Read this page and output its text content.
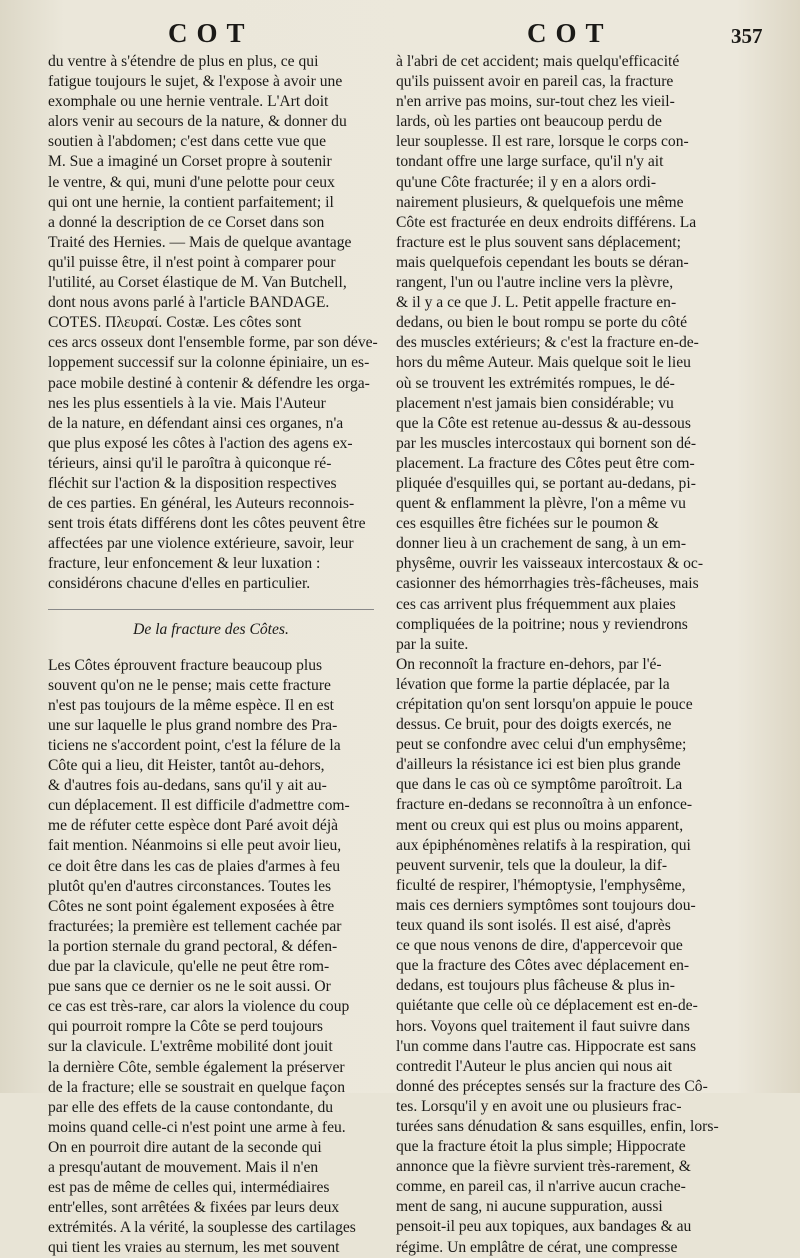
COT	COT	357

du ventre à s'étendre de plus en plus, ce qui

fatigue toujours le sujet, & l'expose à avoir une

exomphale ou une hernie ventrale. L'Art doit

alors venir au secours de la nature, & donner du

soutien à l'abdomen; c'est dans cette vue que

M. Sue a imaginé un Corset propre à soutenir

le ventre, & qui, muni d'une pelotte pour ceux

qui ont une hernie, la contient parfaitement; il

a donné la description de ce Corset dans son

Traité des Hernies. — Mais de quelque avantage

qu'il puisse être, il n'est point à comparer pour

l'utilité, au Corset élastique de M. Van Butchell,

dont nous avons parlé à l'article BANDAGE.

COTES. Πλευραί. Costæ. Les côtes sont

ces arcs osseux dont l'ensemble forme, par son déve-

loppement successif sur la colonne épiniaire, un es-

pace mobile destiné à contenir & défendre les orga-

nes les plus essentiels à la vie. Mais l'Auteur

de la nature, en défendant ainsi ces organes, n'a

que plus exposé les côtes à l'action des agens ex-

térieurs, ainsi qu'il le paroîtra à quiconque ré-

fléchit sur l'action & la disposition respectives

de ces parties. En général, les Auteurs reconnois-

sent trois états différens dont les côtes peuvent être

affectées par une violence extérieure, savoir, leur

fracture, leur enfoncement & leur luxation :

considérons chacune d'elles en particulier.

De la fracture des Côtes.

Les Côtes éprouvent fracture beaucoup plus

souvent qu'on ne le pense; mais cette fracture

n'est pas toujours de la même espèce. Il en est

une sur laquelle le plus grand nombre des Pra-

ticiens ne s'accordent point, c'est la félure de la

Côte qui a lieu, dit Heister, tantôt au-dehors,

& d'autres fois au-dedans, sans qu'il y ait au-

cun déplacement. Il est difficile d'admettre com-

me de réfuter cette espèce dont Paré avoit déjà

fait mention. Néanmoins si elle peut avoir lieu,

ce doit être dans les cas de plaies d'armes à feu

plutôt qu'en d'autres circonstances. Toutes les

Côtes ne sont point également exposées à être

fracturées; la première est tellement cachée par

la portion sternale du grand pectoral, & défen-

due par la clavicule, qu'elle ne peut être rom-

pue sans que ce dernier os ne le soit aussi. Or

ce cas est très-rare, car alors la violence du coup

qui pourroit rompre la Côte se perd toujours

sur la clavicule. L'extrême mobilité dont jouit

la dernière Côte, semble également la préserver

de la fracture; elle se soustrait en quelque façon

par elle des effets de la cause contondante, du

moins quand celle-ci n'est point une arme à feu.

On en pourroit dire autant de la seconde qui

a presqu'autant de mouvement. Mais il n'en

est pas de même de celles qui, intermédiaires

entr'elles, sont arrêtées & fixées par leurs deux

extrémités. A la vérité, la souplesse des cartilages

qui tient les vraies au sternum, les met souvent

à l'abri de cet accident; mais quelqu'efficacité

qu'ils puissent avoir en pareil cas, la fracture

n'en arrive pas moins, sur-tout chez les vieil-

lards, où les parties ont beaucoup perdu de

leur souplesse. Il est rare, lorsque le corps con-

tondant offre une large surface, qu'il n'y ait

qu'une Côte fracturée; il y en a alors ordi-

nairement plusieurs, & quelquefois une même

Côte est fracturée en deux endroits différens. La

fracture est le plus souvent sans déplacement;

mais quelquefois cependant les bouts se déran-

rangent, l'un ou l'autre incline vers la plèvre,

& il y a ce que J. L. Petit appelle fracture en-

dedans, ou bien le bout rompu se porte du côté

des muscles extérieurs; & c'est la fracture en-de-

hors du même Auteur. Mais quelque soit le lieu

où se trouvent les extrémités rompues, le dé-

placement n'est jamais bien considérable; vu

que la Côte est retenue au-dessus & au-dessous

par les muscles intercostaux qui bornent son dé-

placement. La fracture des Côtes peut être com-

pliquée d'esquilles qui, se portant au-dedans, pi-

quent & enflamment la plèvre, l'on a même vu

ces esquilles être fichées sur le poumon &

donner lieu à un crachement de sang, à un em-

physême, ouvrir les vaisseaux intercostaux & oc-

casionner des hémorrhagies très-fâcheuses, mais

ces cas arrivent plus fréquemment aux plaies

compliquées de la poitrine; nous y reviendrons

par la suite.

On reconnoît la fracture en-dehors, par l'é-

lévation que forme la partie déplacée, par la

crépitation qu'on sent lorsqu'on appuie le pouce

dessus. Ce bruit, pour des doigts exercés, ne

peut se confondre avec celui d'un emphysême;

d'ailleurs la résistance ici est bien plus grande

que dans le cas où ce symptôme paroîtroit. La

fracture en-dedans se reconnoîtra à un enfonce-

ment ou creux qui est plus ou moins apparent,

aux épiphénomènes relatifs à la respiration, qui

peuvent survenir, tels que la douleur, la dif-

ficulté de respirer, l'hémoptysie, l'emphysême,

mais ces derniers symptômes sont toujours dou-

teux quand ils sont isolés. Il est aisé, d'après

ce que nous venons de dire, d'appercevoir que

que la fracture des Côtes avec déplacement en-

dedans, est toujours plus fâcheuse & plus in-

quiétante que celle où ce déplacement est en-de-

hors. Voyons quel traitement il faut suivre dans

l'un comme dans l'autre cas. Hippocrate est sans

contredit l'Auteur le plus ancien qui nous ait

donné des préceptes sensés sur la fracture des Cô-

tes. Lorsqu'il y en avoit une ou plusieurs frac-

turées sans dénudation & sans esquilles, enfin, lors-

que la fracture étoit la plus simple; Hippocrate

annonce que la fièvre survient très-rarement, &

comme, en pareil cas, il n'arrive aucun crache-

ment de sang, ni aucune suppuration, aussi

pensoit-il peu aux topiques, aux bandages & au

régime. Un emplâtre de cérat, une compresse
